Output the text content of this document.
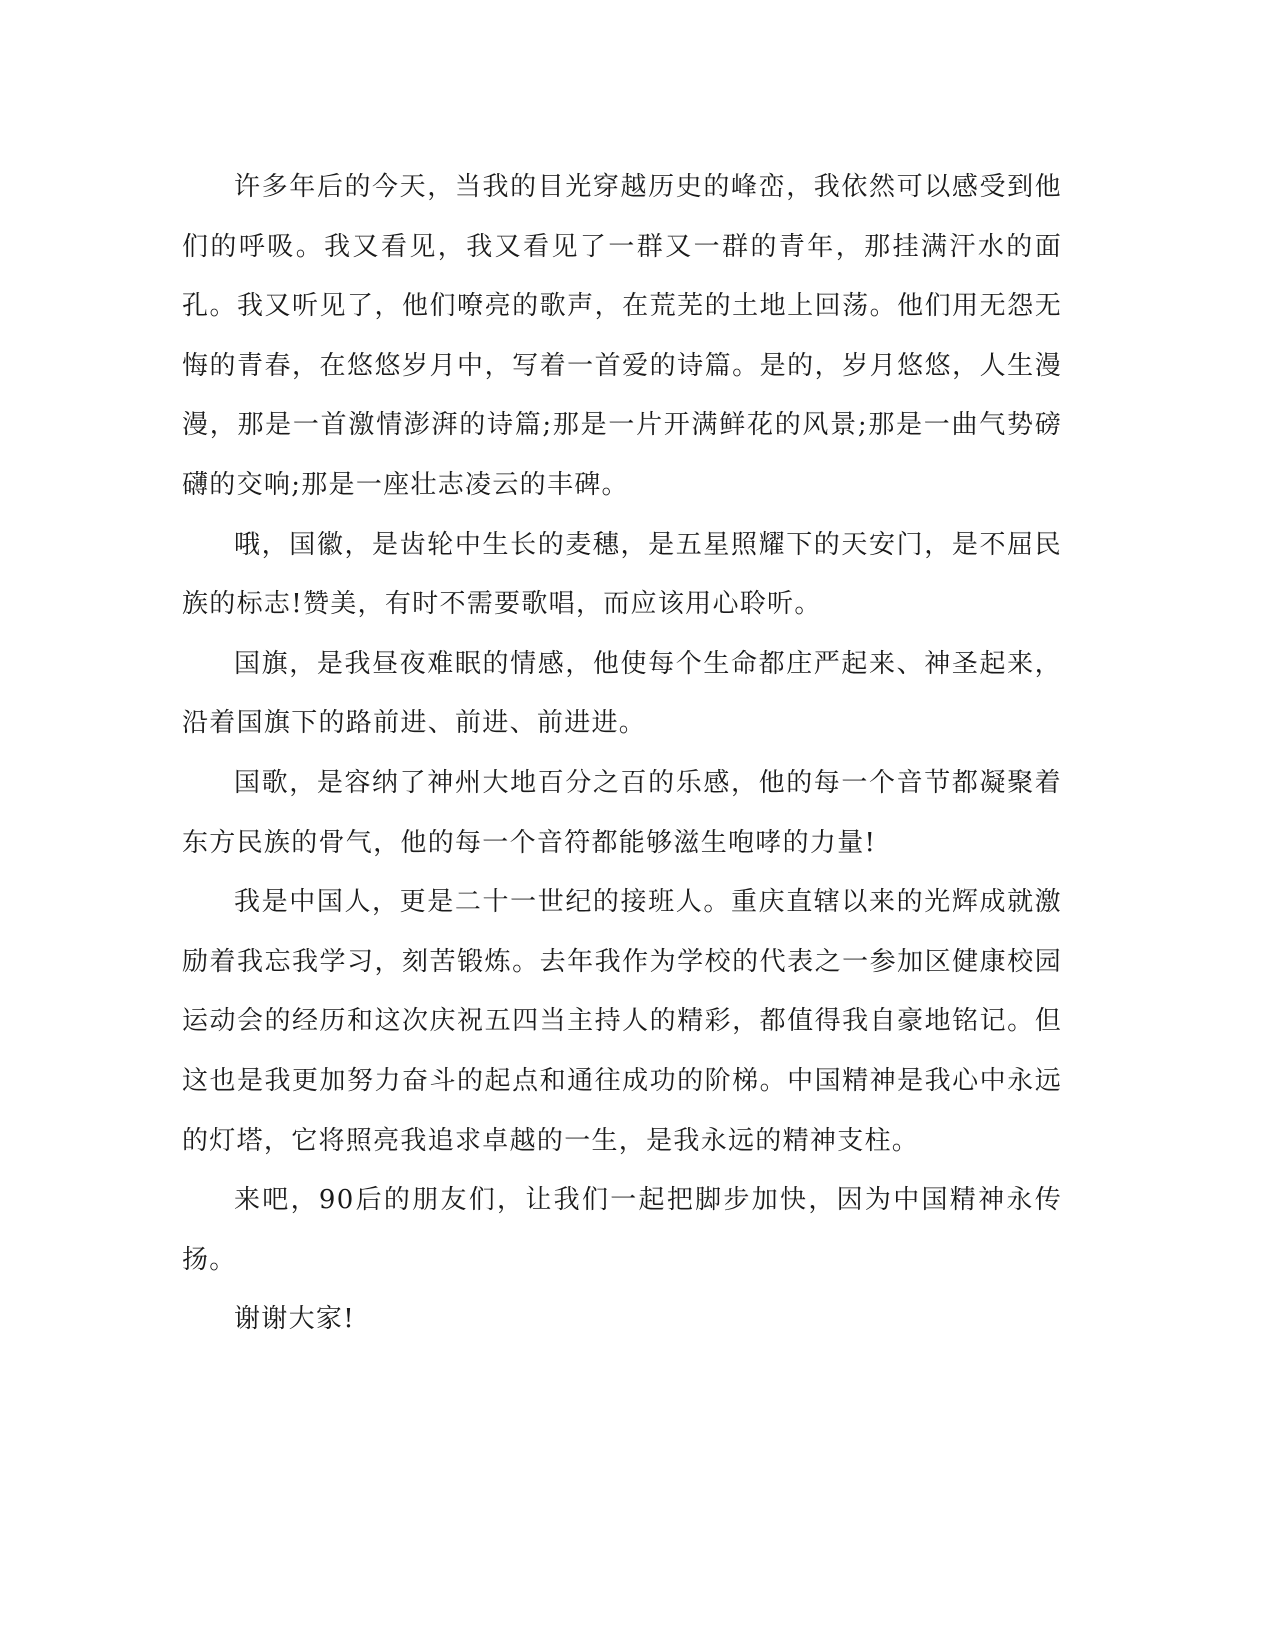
许多年后的今天，当我的目光穿越历史的峰峦，我依然可以感受到他们的呼吸。我又看见，我又看见了一群又一群的青年，那挂满汗水的面孔。我又听见了，他们嘹亮的歌声，在荒芜的土地上回荡。他们用无怨无悔的青春，在悠悠岁月中，写着一首爱的诗篇。是的，岁月悠悠，人生漫漫，那是一首激情澎湃的诗篇;那是一片开满鲜花的风景;那是一曲气势磅礴的交响;那是一座壮志凌云的丰碑。

哦，国徽，是齿轮中生长的麦穗，是五星照耀下的天安门，是不屈民族的标志!赞美，有时不需要歌唱，而应该用心聆听。

国旗，是我昼夜难眠的情感，他使每个生命都庄严起来、神圣起来，沿着国旗下的路前进、前进、前进进。

国歌，是容纳了神州大地百分之百的乐感，他的每一个音节都凝聚着东方民族的骨气，他的每一个音符都能够滋生咆哮的力量!

我是中国人，更是二十一世纪的接班人。重庆直辖以来的光辉成就激励着我忘我学习，刻苦锻炼。去年我作为学校的代表之一参加区健康校园运动会的经历和这次庆祝五四当主持人的精彩，都值得我自豪地铭记。但这也是我更加努力奋斗的起点和通往成功的阶梯。中国精神是我心中永远的灯塔，它将照亮我追求卓越的一生，是我永远的精神支柱。

来吧，90后的朋友们，让我们一起把脚步加快，因为中国精神永传扬。

谢谢大家!
